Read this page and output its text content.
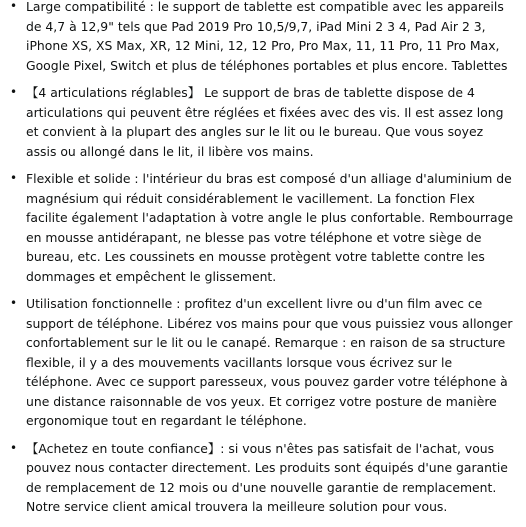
• Large compatibilité : le support de tablette est compatible avec les appareils de 4,7 à 12,9" tels que Pad 2019 Pro 10,5/9,7, iPad Mini 2 3 4, Pad Air 2 3, iPhone XS, XS Max, XR, 12 Mini, 12, 12 Pro, Pro Max, 11, 11 Pro, 11 Pro Max, Google Pixel, Switch et plus de téléphones portables et plus encore. Tablettes
• 【4 articulations réglables】 Le support de bras de tablette dispose de 4 articulations qui peuvent être réglées et fixées avec des vis. Il est assez long et convient à la plupart des angles sur le lit ou le bureau. Que vous soyez assis ou allongé dans le lit, il libère vos mains.
• Flexible et solide : l'intérieur du bras est composé d'un alliage d'aluminium de magnésium qui réduit considérablement le vacillement. La fonction Flex facilite également l'adaptation à votre angle le plus confortable. Rembourrage en mousse antidérapant, ne blesse pas votre téléphone et votre siège de bureau, etc. Les coussinets en mousse protègent votre tablette contre les dommages et empêchent le glissement.
• Utilisation fonctionnelle : profitez d'un excellent livre ou d'un film avec ce support de téléphone. Libérez vos mains pour que vous puissiez vous allonger confortablement sur le lit ou le canapé. Remarque : en raison de sa structure flexible, il y a des mouvements vacillants lorsque vous écrivez sur le téléphone. Avec ce support paresseux, vous pouvez garder votre téléphone à une distance raisonnable de vos yeux. Et corrigez votre posture de manière ergonomique tout en regardant le téléphone.
• 【Achetez en toute confiance】: si vous n'êtes pas satisfait de l'achat, vous pouvez nous contacter directement. Les produits sont équipés d'une garantie de remplacement de 12 mois ou d'une nouvelle garantie de remplacement. Notre service client amical trouvera la meilleure solution pour vous.
